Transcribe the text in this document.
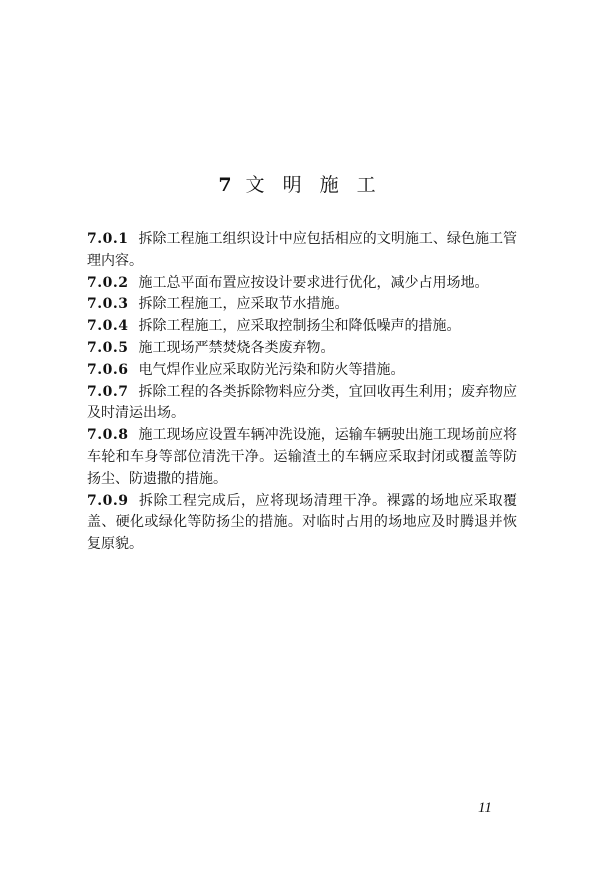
7 文 明 施 工

7.0.1 拆除工程施工组织设计中应包括相应的文明施工、绿色施工管理内容。

7.0.2 施工总平面布置应按设计要求进行优化，减少占用场地。

7.0.3 拆除工程施工，应采取节水措施。

7.0.4 拆除工程施工，应采取控制扬尘和降低噪声的措施。

7.0.5 施工现场严禁焚烧各类废弃物。

7.0.6 电气焊作业应采取防光污染和防火等措施。

7.0.7 拆除工程的各类拆除物料应分类，宜回收再生利用；废弃物应及时清运出场。

7.0.8 施工现场应设置车辆冲洗设施，运输车辆驶出施工现场前应将车轮和车身等部位清洗干净。运输渣土的车辆应采取封闭或覆盖等防扬尘、防遗撒的措施。

7.0.9 拆除工程完成后，应将现场清理干净。裸露的场地应采取覆盖、硬化或绿化等防扬尘的措施。对临时占用的场地应及时腾退并恢复原貌。

11
